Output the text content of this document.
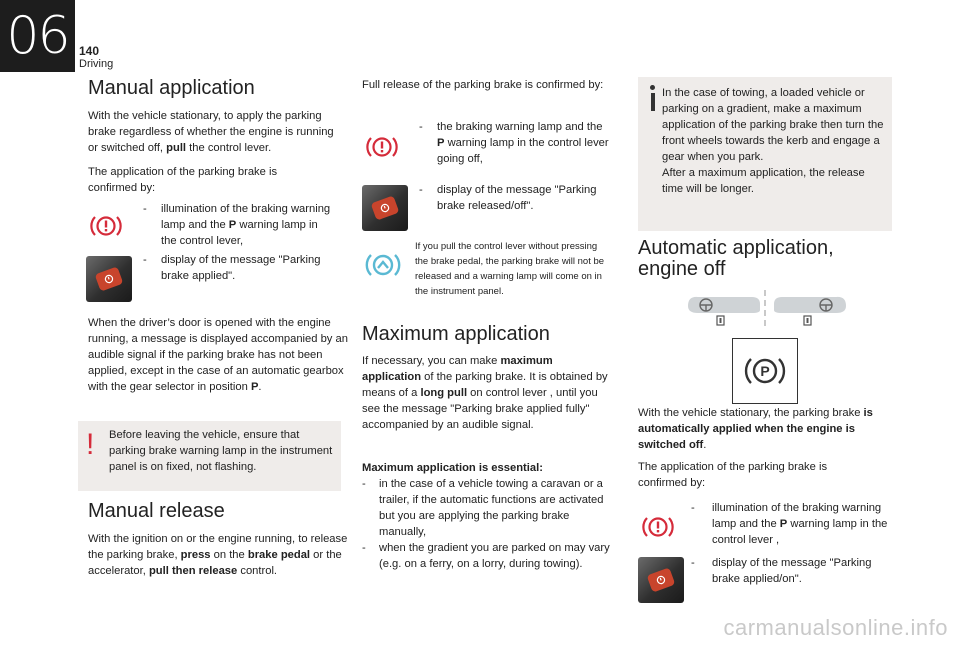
06 140
Driving
Manual application

With the vehicle stationary, to apply the parking brake regardless of whether the engine is running or switched off, pull the control lever.

The application of the parking brake is confirmed by:

- illumination of the braking warning lamp and the P warning lamp in the control lever,
- display of the message "Parking brake applied".

When the driver’s door is opened with the engine running, a message is displayed accompanied by an audible signal if the parking brake has not been applied, except in the case of an automatic gearbox with the gear selector in position P.

! Before leaving the vehicle, ensure that parking brake warning lamp in the instrument panel is on fixed, not flashing.

Manual release

With the ignition on or the engine running, to release the parking brake, press on the brake pedal or the accelerator, pull then release control.

Full release of the parking brake is confirmed by:

- the braking warning lamp and the P warning lamp in the control lever going off,
- display of the message "Parking brake released/off".

If you pull the control lever without pressing the brake pedal, the parking brake will not be released and a warning lamp will come on in the instrument panel.

Maximum application

If necessary, you can make maximum application of the parking brake. It is obtained by means of a long pull on control lever , until you see the message "Parking brake applied fully" accompanied by an audible signal.

Maximum application is essential:

- in the case of a vehicle towing a caravan or a trailer, if the automatic functions are activated but you are applying the parking brake manually,
- when the gradient you are parked on may vary (e.g. on a ferry, on a lorry, during towing).

In the case of towing, a loaded vehicle or parking on a gradient, make a maximum application of the parking brake then turn the front wheels towards the kerb and engage a gear when you park.
After a maximum application, the release time will be longer.

Automatic application, engine off
P

With the vehicle stationary, the parking brake is automatically applied when the engine is switched off.

The application of the parking brake is confirmed by:

- illumination of the braking warning lamp and the P warning lamp in the control lever ,
- display of the message "Parking brake applied/on".
carmanualsonline.info
